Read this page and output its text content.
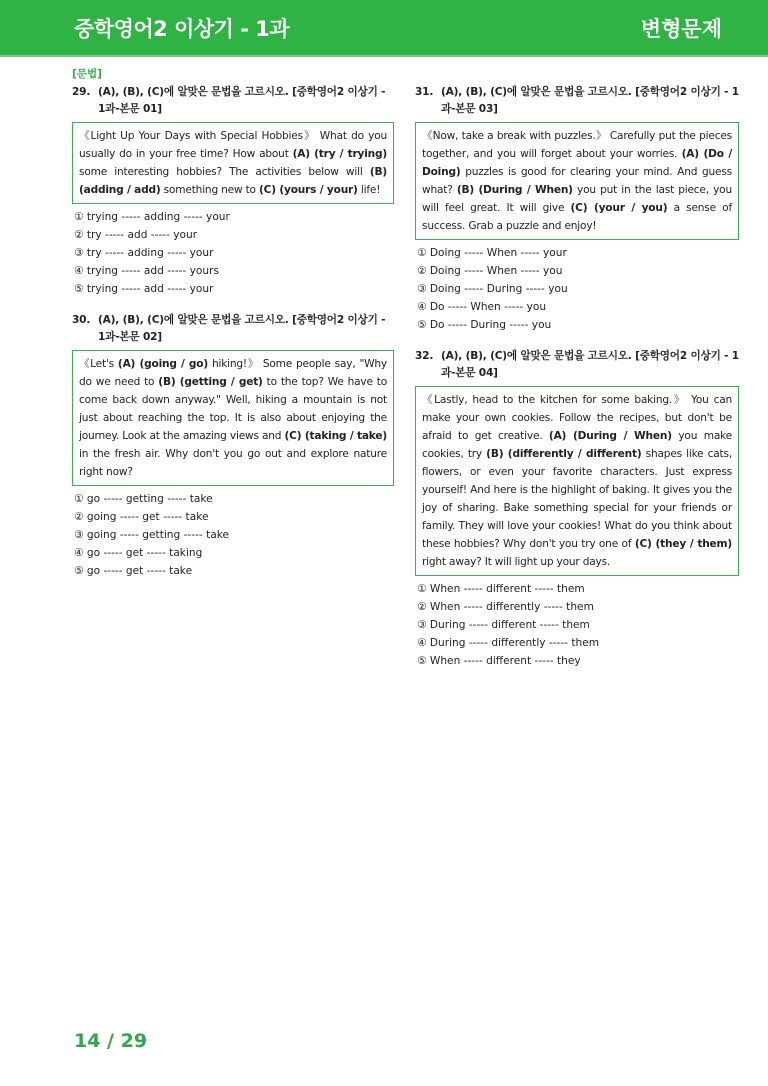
중학영어2 이상기 - 1과	변형문제
[문법]
29. (A), (B), (C)에 알맞은 문법을 고르시오. [중학영어2 이상기 - 1과-본문 01]
《Light Up Your Days with Special Hobbies》 What do you usually do in your free time? How about (A) (try / trying) some interesting hobbies? The activities below will (B) (adding / add) something new to (C) (yours / your) life!
① trying ----- adding ----- your
② try ----- add ----- your
③ try ----- adding ----- your
④ trying ----- add ----- yours
⑤ trying ----- add ----- your
30. (A), (B), (C)에 알맞은 문법을 고르시오. [중학영어2 이상기 - 1과-본문 02]
《Let's (A) (going / go) hiking!》 Some people say, "Why do we need to (B) (getting / get) to the top? We have to come back down anyway." Well, hiking a mountain is not just about reaching the top. It is also about enjoying the journey. Look at the amazing views and (C) (taking / take) in the fresh air. Why don't you go out and explore nature right now?
① go ----- getting ----- take
② going ----- get ----- take
③ going ----- getting ----- take
④ go ----- get ----- taking
⑤ go ----- get ----- take
31. (A), (B), (C)에 알맞은 문법을 고르시오. [중학영어2 이상기 - 1과-본문 03]
《Now, take a break with puzzles.》 Carefully put the pieces together, and you will forget about your worries. (A) (Do / Doing) puzzles is good for clearing your mind. And guess what? (B) (During / When) you put in the last piece, you will feel great. It will give (C) (your / you) a sense of success. Grab a puzzle and enjoy!
① Doing ----- When ----- your
② Doing ----- When ----- you
③ Doing ----- During ----- you
④ Do ----- When ----- you
⑤ Do ----- During ----- you
32. (A), (B), (C)에 알맞은 문법을 고르시오. [중학영어2 이상기 - 1과-본문 04]
《Lastly, head to the kitchen for some baking.》 You can make your own cookies. Follow the recipes, but don't be afraid to get creative. (A) (During / When) you make cookies, try (B) (differently / different) shapes like cats, flowers, or even your favorite characters. Just express yourself! And here is the highlight of baking. It gives you the joy of sharing. Bake something special for your friends or family. They will love your cookies! What do you think about these hobbies? Why don't you try one of (C) (they / them) right away? It will light up your days.
① When ----- different ----- them
② When ----- differently ----- them
③ During ----- different ----- them
④ During ----- differently ----- them
⑤ When ----- different ----- they
14 / 29
